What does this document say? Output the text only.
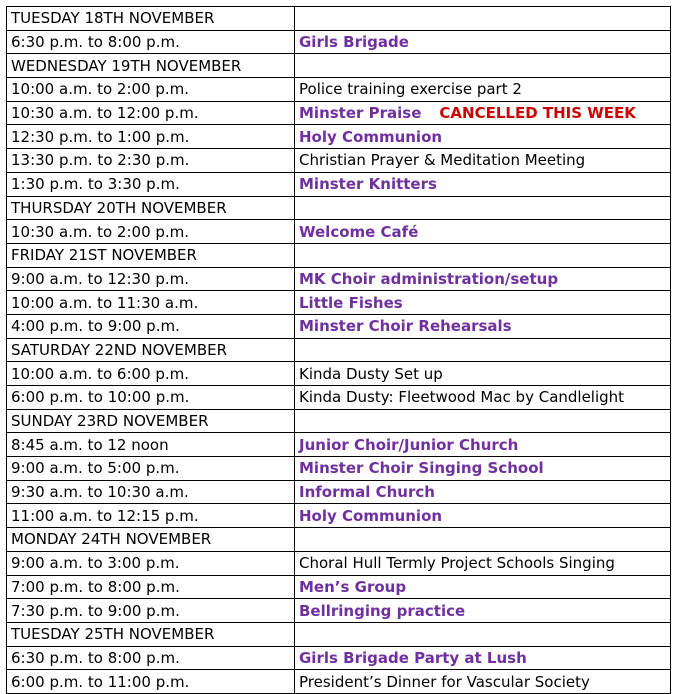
TUESDAY 18TH NOVEMBER	
6:30 p.m. to 8:00 p.m.	Girls Brigade
WEDNESDAY 19TH NOVEMBER	
10:00 a.m. to 2:00 p.m.	Police training exercise part 2
10:30 a.m. to 12:00 p.m.	Minster Praise CANCELLED THIS WEEK
12:30 p.m. to 1:00 p.m.	Holy Communion
13:30 p.m. to 2:30 p.m.	Christian Prayer & Meditation Meeting
1:30 p.m. to 3:30 p.m.	Minster Knitters
THURSDAY 20TH NOVEMBER	
10:30 a.m. to 2:00 p.m.	Welcome Café
FRIDAY 21ST NOVEMBER	
9:00 a.m. to 12:30 p.m.	MK Choir administration/setup
10:00 a.m. to 11:30 a.m.	Little Fishes
4:00 p.m. to 9:00 p.m.	Minster Choir Rehearsals
SATURDAY 22ND NOVEMBER	
10:00 a.m. to 6:00 p.m.	Kinda Dusty Set up
6:00 p.m. to 10:00 p.m.	Kinda Dusty: Fleetwood Mac by Candlelight
SUNDAY 23RD NOVEMBER	
8:45 a.m. to 12 noon	Junior Choir/Junior Church
9:00 a.m. to 5:00 p.m.	Minster Choir Singing School
9:30 a.m. to 10:30 a.m.	Informal Church
11:00 a.m. to 12:15 p.m.	Holy Communion
MONDAY 24TH NOVEMBER	
9:00 a.m. to 3:00 p.m.	Choral Hull Termly Project Schools Singing
7:00 p.m. to 8:00 p.m.	Men’s Group
7:30 p.m. to 9:00 p.m.	Bellringing practice
TUESDAY 25TH NOVEMBER	
6:30 p.m. to 8:00 p.m.	Girls Brigade Party at Lush
6:00 p.m. to 11:00 p.m.	President’s Dinner for Vascular Society
